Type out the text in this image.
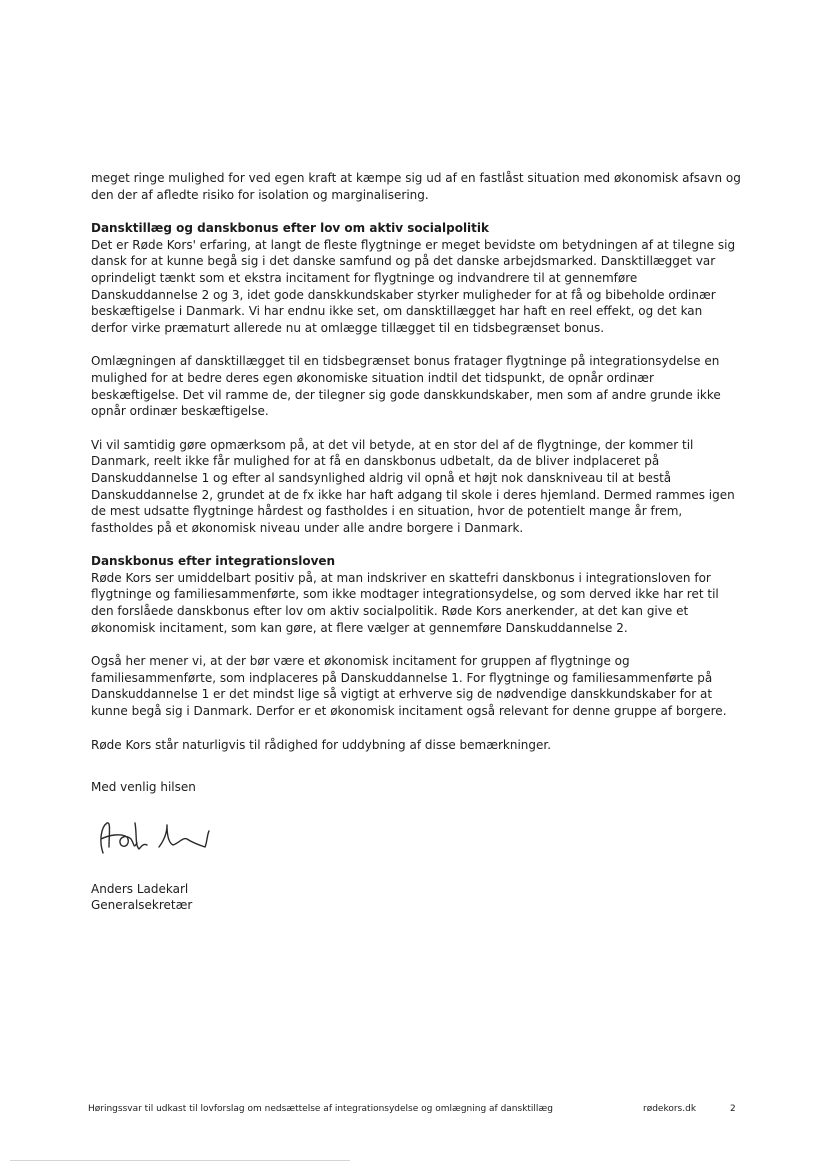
meget ringe mulighed for ved egen kraft at kæmpe sig ud af en fastlåst situation med økonomisk afsavn og den der af afledte risiko for isolation og marginalisering.

Dansktillæg og danskbonus efter lov om aktiv socialpolitik

Det er Røde Kors' erfaring, at langt de fleste flygtninge er meget bevidste om betydningen af at tilegne sig dansk for at kunne begå sig i det danske samfund og på det danske arbejdsmarked. Dansktillægget var oprindeligt tænkt som et ekstra incitament for flygtninge og indvandrere til at gennemføre Danskuddannelse 2 og 3, idet gode danskkundskaber styrker muligheder for at få og bibeholde ordinær beskæftigelse i Danmark. Vi har endnu ikke set, om dansktillægget har haft en reel effekt, og det kan derfor virke præmaturt allerede nu at omlægge tillægget til en tidsbegrænset bonus.

Omlægningen af dansktillægget til en tidsbegrænset bonus fratager flygtninge på integrationsydelse en mulighed for at bedre deres egen økonomiske situation indtil det tidspunkt, de opnår ordinær beskæftigelse. Det vil ramme de, der tilegner sig gode danskkundskaber, men som af andre grunde ikke opnår ordinær beskæftigelse.

Vi vil samtidig gøre opmærksom på, at det vil betyde, at en stor del af de flygtninge, der kommer til Danmark, reelt ikke får mulighed for at få en danskbonus udbetalt, da de bliver indplaceret på Danskuddannelse 1 og efter al sandsynlighed aldrig vil opnå et højt nok danskniveau til at bestå Danskuddannelse 2, grundet at de fx ikke har haft adgang til skole i deres hjemland. Dermed rammes igen de mest udsatte flygtninge hårdest og fastholdes i en situation, hvor de potentielt mange år frem, fastholdes på et økonomisk niveau under alle andre borgere i Danmark.

Danskbonus efter integrationsloven

Røde Kors ser umiddelbart positiv på, at man indskriver en skattefri danskbonus i integrationsloven for flygtninge og familiesammenførte, som ikke modtager integrationsydelse, og som derved ikke har ret til den forslåede danskbonus efter lov om aktiv socialpolitik. Røde Kors anerkender, at det kan give et økonomisk incitament, som kan gøre, at flere vælger at gennemføre Danskuddannelse 2.

Også her mener vi, at der bør være et økonomisk incitament for gruppen af flygtninge og familiesammenførte, som indplaceres på Danskuddannelse 1. For flygtninge og familiesammenførte på Danskuddannelse 1 er det mindst lige så vigtigt at erhverve sig de nødvendige danskkundskaber for at kunne begå sig i Danmark. Derfor er et økonomisk incitament også relevant for denne gruppe af borgere.

Røde Kors står naturligvis til rådighed for uddybning af disse bemærkninger.

Med venlig hilsen

Anders Ladekarl

Generalsekretær

Høringssvar til udkast til lovforslag om nedsættelse af integrationsydelse og omlægning af dansktillæg	rødekors.dk	2
